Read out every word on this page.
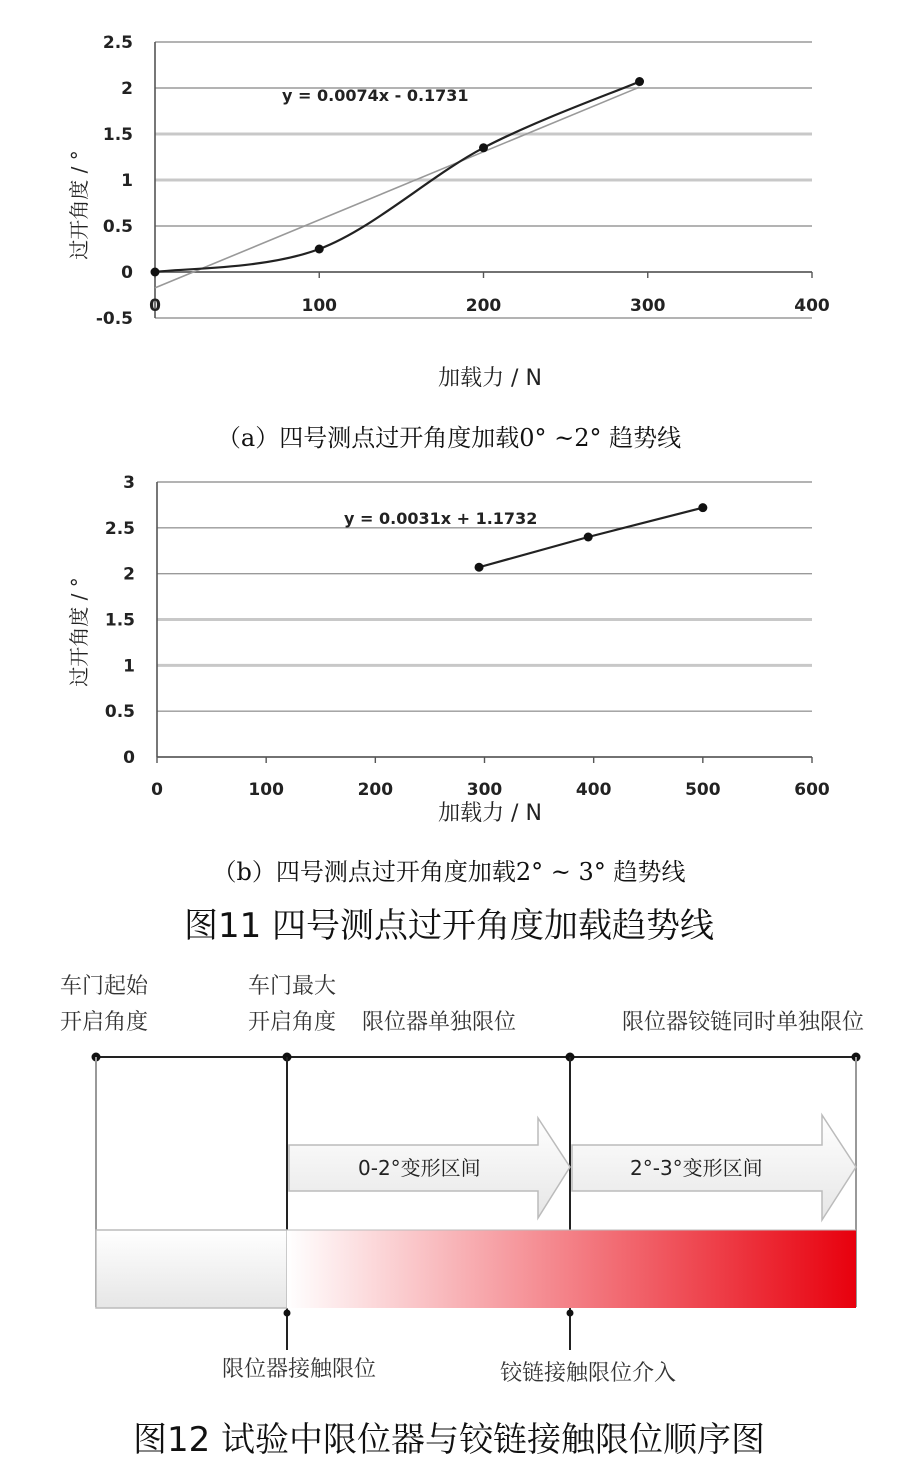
2.5
2
1.5
1
0.5
0
-0.5
0	100	200	300	400
y = 0.0074x - 0.1731
过开角度 / °
加载力 / N
（a）四号测点过开角度加载0° ~2° 趋势线
3
2.5
2
1.5
1
0.5
0
0	100	200	300	400	500	600
y = 0.0031x + 1.1732
过开角度 / °
加载力 / N
（b）四号测点过开角度加载2° ~ 3° 趋势线
图11 四号测点过开角度加载趋势线
车门起始
开启角度
车门最大
开启角度 限位器单独限位	限位器铰链同时单独限位
0-2°变形区间	2°-3°变形区间
限位器接触限位	铰链接触限位介入
图12 试验中限位器与铰链接触限位顺序图
